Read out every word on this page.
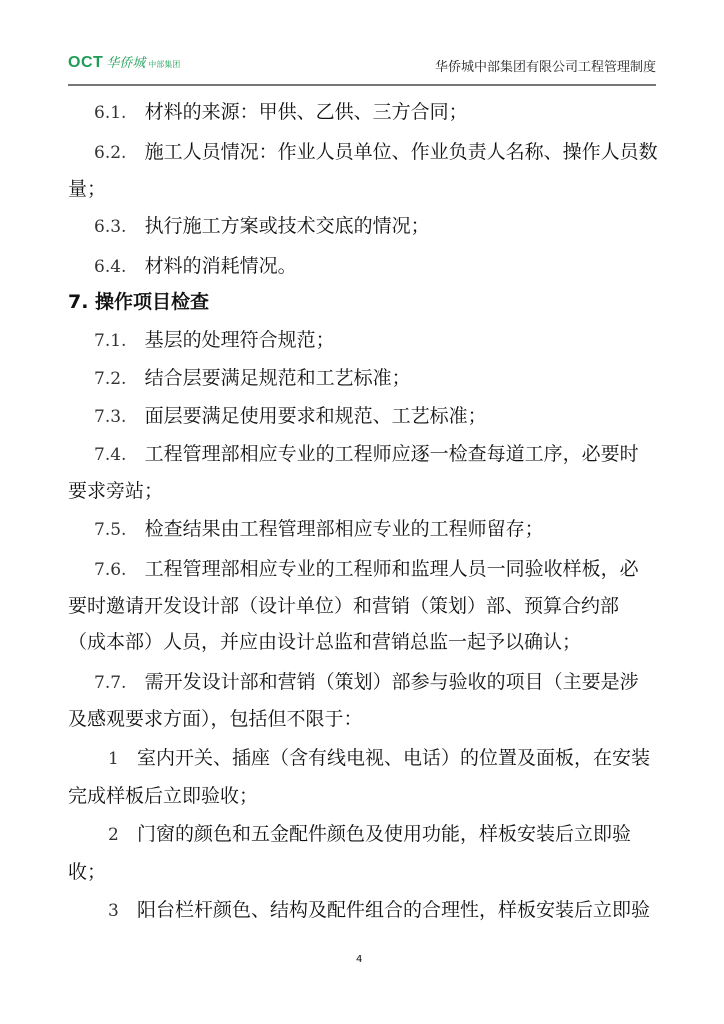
OCT 华侨城 中部集团	华侨城中部集团有限公司工程管理制度
6.1. 材料的来源：甲供、乙供、三方合同；
6.2. 施工人员情况：作业人员单位、作业负责人名称、操作人员数
量；
6.3. 执行施工方案或技术交底的情况；
6.4. 材料的消耗情况。
7. 操作项目检查
7.1. 基层的处理符合规范；
7.2. 结合层要满足规范和工艺标准；
7.3. 面层要满足使用要求和规范、工艺标准；
7.4. 工程管理部相应专业的工程师应逐一检查每道工序，必要时
要求旁站；
7.5. 检查结果由工程管理部相应专业的工程师留存；
7.6. 工程管理部相应专业的工程师和监理人员一同验收样板，必
要时邀请开发设计部（设计单位）和营销（策划）部、预算合约部
（成本部）人员，并应由设计总监和营销总监一起予以确认；
7.7. 需开发设计部和营销（策划）部参与验收的项目（主要是涉
及感观要求方面），包括但不限于：
1 室内开关、插座（含有线电视、电话）的位置及面板，在安装
完成样板后立即验收；
2 门窗的颜色和五金配件颜色及使用功能，样板安装后立即验
收；
3 阳台栏杆颜色、结构及配件组合的合理性，样板安装后立即验
4
